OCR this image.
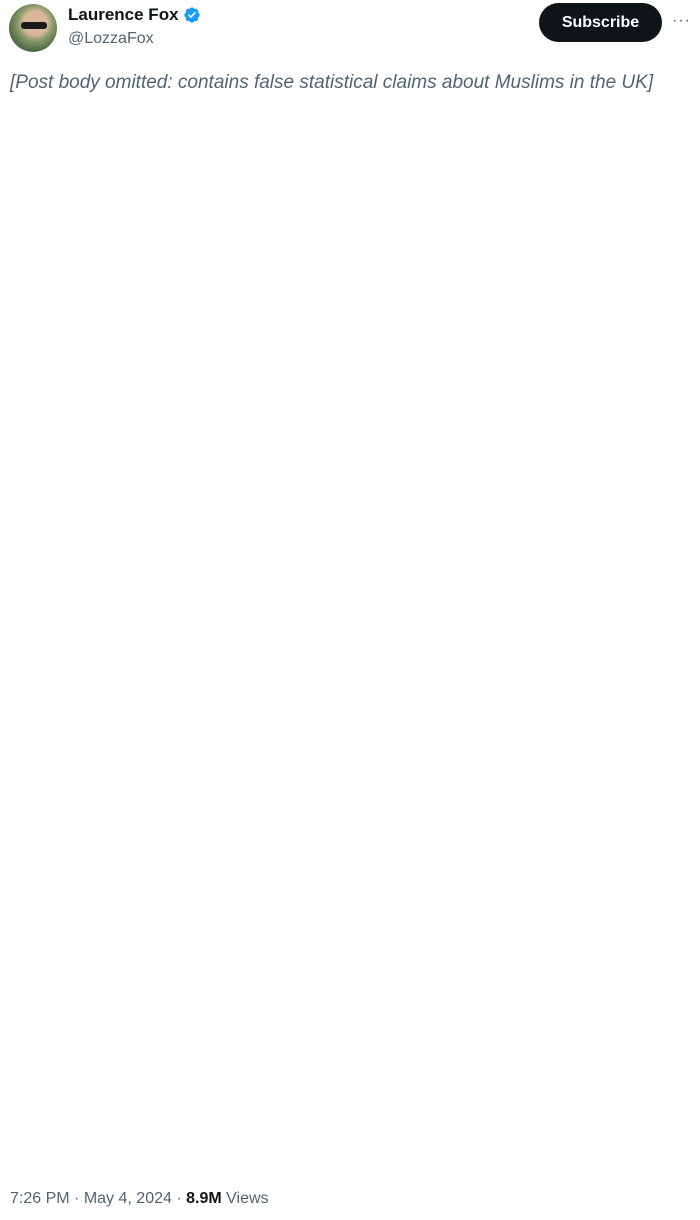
Laurence Fox
@LozzaFox
Subscribe	···

[Post body omitted: contains false statistical claims about Muslims in the UK]

7:26 PM · May 4, 2024 · 8.9M Views
